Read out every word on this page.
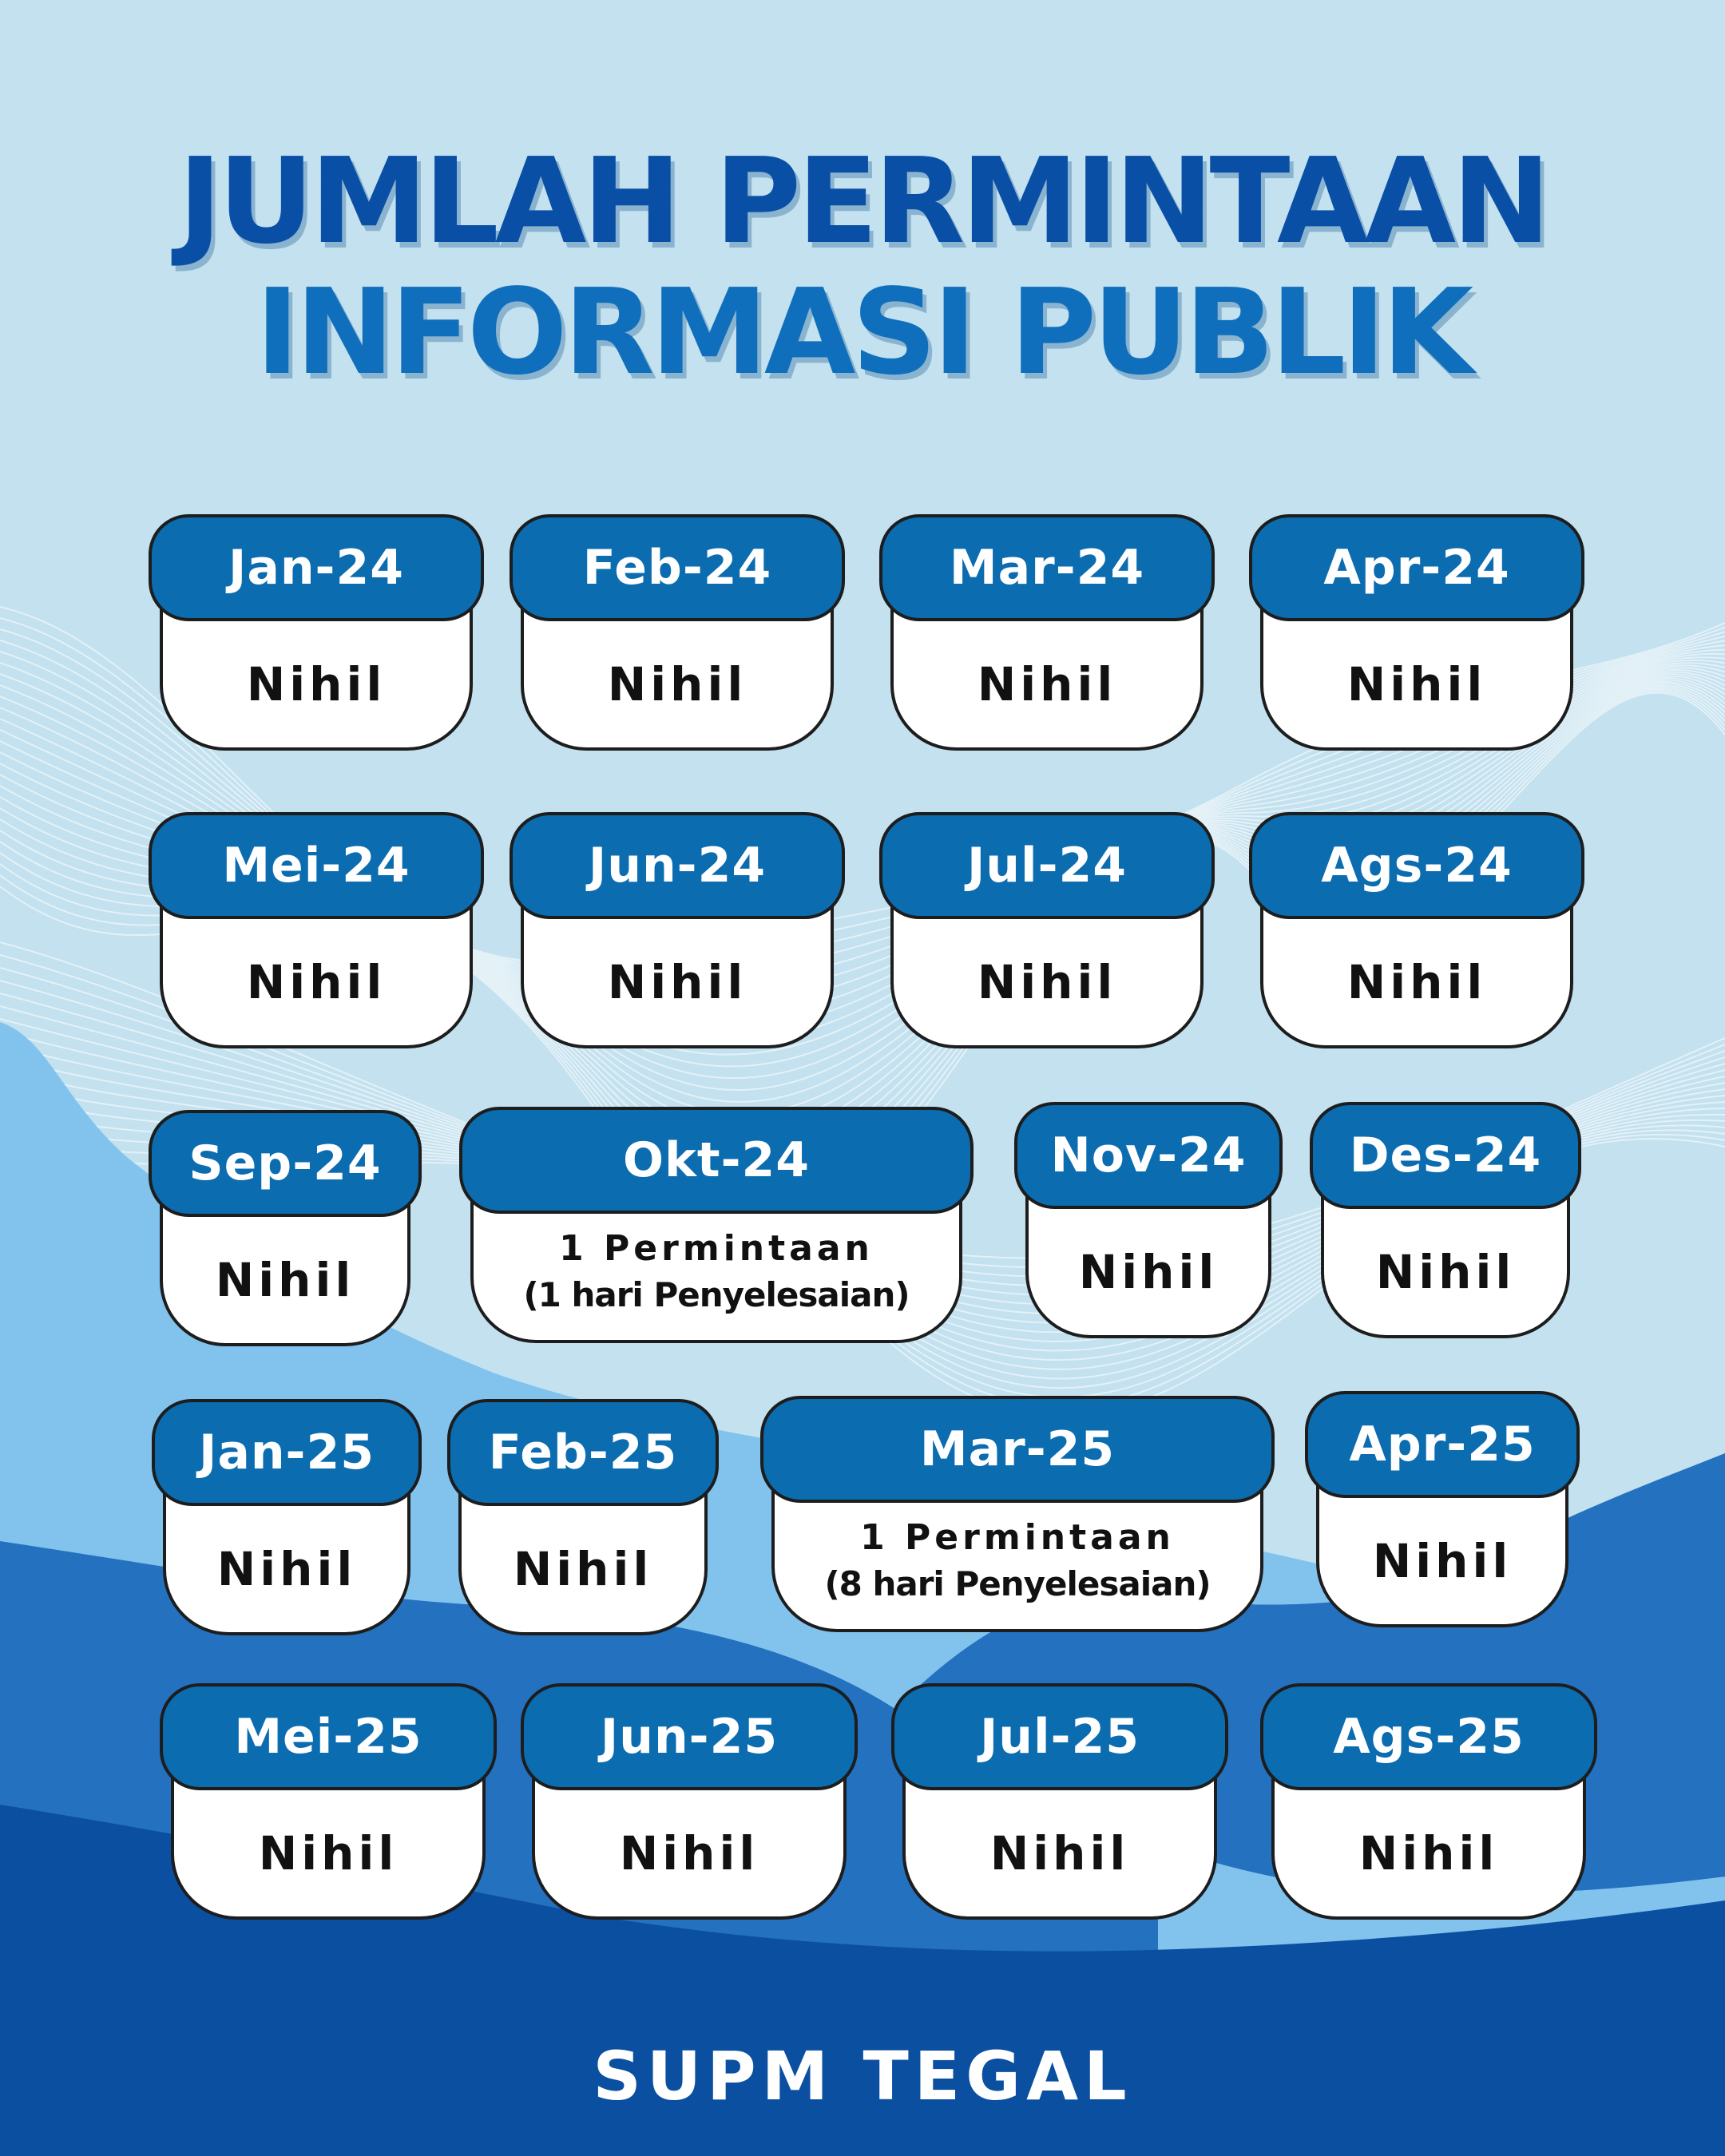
JUMLAH PERMINTAAN
INFORMASI PUBLIK
Nihil
Jan-24
Nihil
Feb-24
Nihil
Mar-24
Nihil
Apr-24
Nihil
Mei-24
Nihil
Jun-24
Nihil
Jul-24
Nihil
Ags-24
Nihil
Sep-24
1 Permintaan
(1 hari Penyelesaian)
Okt-24
Nihil
Nov-24
Nihil
Des-24
Nihil
Jan-25
Nihil
Feb-25
1 Permintaan
(8 hari Penyelesaian)
Mar-25
Nihil
Apr-25
Nihil
Mei-25
Nihil
Jun-25
Nihil
Jul-25
Nihil
Ags-25
SUPM TEGAL
